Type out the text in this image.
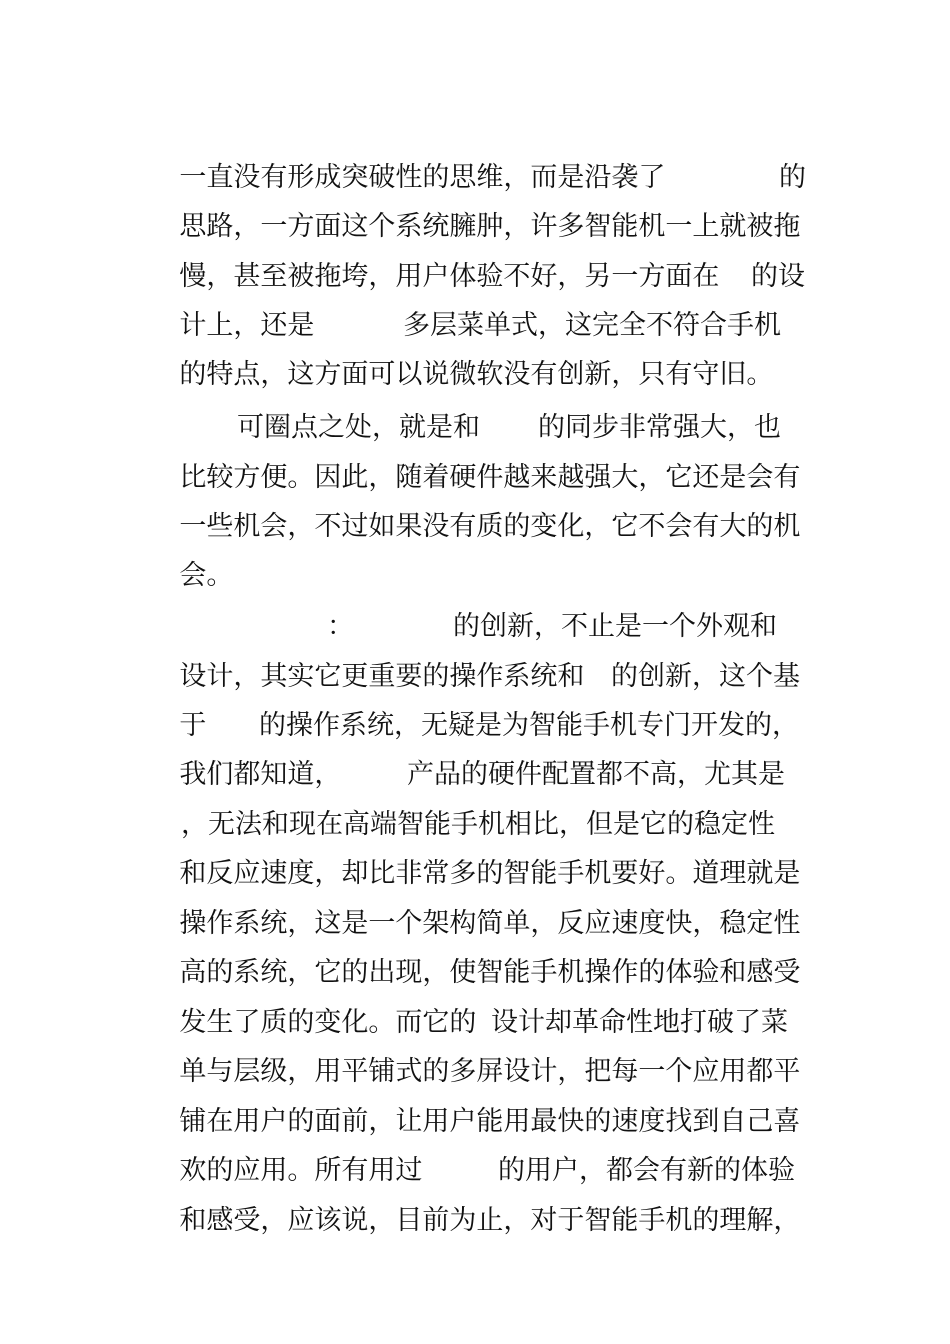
一直没有形成突破性的思维，而是沿袭了	的

思路，一方面这个系统臃肿，许多智能机一上就被拖

慢，甚至被拖垮，用户体验不好，另一方面在 的设

计上，还是	多层菜单式，这完全不符合手机

的特点，这方面可以说微软没有创新，只有守旧。

可圈点之处，就是和 的同步非常强大，也

比较方便。因此，随着硬件越来越强大，它还是会有

一些机会，不过如果没有质的变化，它不会有大的机

会。

：	的创新，不止是一个外观和

设计，其实它更重要的操作系统和 的创新，这个基

于 的操作系统，无疑是为智能手机专门开发的，

我们都知道， 产品的硬件配置都不高，尤其是

，无法和现在高端智能手机相比，但是它的稳定性

和反应速度，却比非常多的智能手机要好。道理就是

操作系统，这是一个架构简单，反应速度快，稳定性

高的系统，它的出现，使智能手机操作的体验和感受

发生了质的变化。而它的 设计却革命性地打破了菜

单与层级，用平铺式的多屏设计，把每一个应用都平

铺在用户的面前，让用户能用最快的速度找到自己喜

欢的应用。所有用过	的用户，都会有新的体验

和感受，应该说，目前为止，对于智能手机的理解，
